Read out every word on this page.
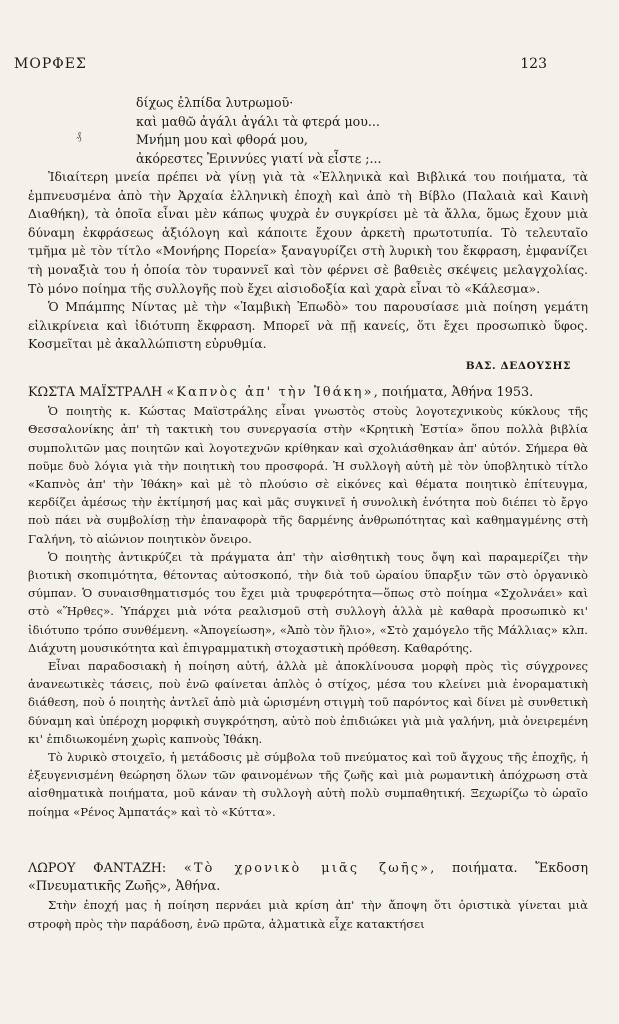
ΜΟΡΦΕΣ	123
δίχως ἐλπίδα λυτρωμοῦ·
καὶ μαθῶ ἀγάλι ἀγάλι τὰ φτερά μου...
Μνήμη μου καὶ φθορά μου,
ἀκόρεστες Ἐριννύες γιατί νὰ εἶστε ;...
₰

Ἰδιαίτερη μνεία πρέπει νὰ γίνῃ γιὰ τὰ «Ἑλληνικὰ καὶ Βιβλικά του ποιήματα, τὰ ἐμπνευσμένα ἀπὸ τὴν Ἀρχαία ἑλληνικὴ ἐποχὴ καὶ ἀπὸ τὴ Βίβλο (Παλαιὰ καὶ Καινὴ Διαθήκη), τὰ ὁποῖα εἶναι μὲν κάπως ψυχρὰ ἐν συγκρίσει μὲ τὰ ἄλλα, ὅμως ἔχουν μιὰ δύναμη ἐκφράσεως ἀξιόλογη καὶ κάποιτε ἔχουν ἀρκετὴ πρωτοτυπία. Τὸ τελευταῖο τμῆμα μὲ τὸν τίτλο «Μονήρης Πορεία» ξαναγυρίζει στὴ λυρικὴ του ἔκφραση, ἐμφανίζει τὴ μοναξιὰ του ἡ ὁποία τὸν τυραννεῖ καὶ τὸν φέρνει σὲ βαθειὲς σκέψεις μελαγχολίας. Τὸ μόνο ποίημα τῆς συλλογῆς ποὺ ἔχει αἰσιοδοξία καὶ χαρὰ εἶναι τὸ «Κάλεσμα».

Ὁ Μπάμπης Νίντας μὲ τὴν «Ἰαμβικὴ Ἐπωδὸ» του παρουσίασε μιὰ ποίηση γεμάτη εἰλικρίνεια καὶ ἰδιότυπη ἔκφραση. Μπορεῖ νὰ πῇ κανείς, ὅτι ἔχει προσωπικὸ ὕφος. Κοσμεῖται μὲ ἀκαλλώπιστη εὐρυθμία.

ΒΑΣ. ΔΕΔΟΥΣΗΣ

ΚΩΣΤΑ ΜΑΪΣΤΡΑΛΗ «Καπνὸς ἀπ' τὴν Ἰθάκη», ποιήματα, Ἀθήνα 1953.

Ὁ ποιητὴς κ. Κώστας Μαϊστράλης εἶναι γνωστὸς στοὺς λογοτεχνικοὺς κύκλους τῆς Θεσσαλονίκης ἀπ' τὴ τακτικὴ του συνεργασία στὴν «Κρητικὴ Ἑστία» ὅπου πολλὰ βιβλία συμπολιτῶν μας ποιητῶν καὶ λογοτεχνῶν κρίθηκαν καὶ σχολιάσθηκαν ἀπ' αὐτόν. Σήμερα θὰ ποῦμε δυὸ λόγια γιὰ τὴν ποιητικὴ του προσφορά. Ἡ συλλογὴ αὐτὴ μὲ τὸν ὑποβλητικὸ τίτλο «Καπνὸς ἀπ' τὴν Ἰθάκη» καὶ μὲ τὸ πλούσιο σὲ εἰκόνες καὶ θέματα ποιητικὸ ἐπίτευγμα, κερδίζει ἀμέσως τὴν ἐκτίμησή μας καὶ μᾶς συγκινεῖ ἡ συνολικὴ ἑνότητα ποὺ διέπει τὸ ἔργο ποὺ πάει νὰ συμβολίσῃ τὴν ἐπαναφορὰ τῆς δαρμένης ἀνθρωπότητας καὶ καθημαγμένης στὴ Γαλήνη, τὸ αἰώνιον ποιητικὸν ὄνειρο.

Ὁ ποιητὴς ἀντικρύζει τὰ πράγματα ἀπ' τὴν αἰσθητικὴ τους ὄψη καὶ παραμερίζει τὴν βιοτικὴ σκοπιμότητα, θέτοντας αὐτοσκοπό, τὴν διὰ τοῦ ὡραίου ὕπαρξιν τῶν στὸ ὀργανικὸ σύμπαν. Ὁ συναισθηματισμός του ἔχει μιὰ τρυφερότητα—ὅπως στὸ ποίημα «Σχολνάει» καὶ στὸ «Ἥρθες». Ὑπάρχει μιὰ νότα ρεαλισμοῦ στὴ συλλογὴ ἀλλὰ μὲ καθαρὰ προσωπικὸ κι' ἰδιότυπο τρόπο συνθέμενη. «Ἀπογείωση», «Ἀπὸ τὸν ἥλιο», «Στὸ χαμόγελο τῆς Μάλλιας» κλπ. Διάχυτη μουσικότητα καὶ ἐπιγραμματικὴ στοχαστικὴ πρόθεση. Καθαρότης.

Εἶναι παραδοσιακὴ ἡ ποίηση αὐτή, ἀλλὰ μὲ ἀποκλίνουσα μορφὴ πρὸς τὶς σύγχρονες ἀνανεωτικὲς τάσεις, ποὺ ἐνῶ φαίνεται ἁπλὸς ὁ στίχος, μέσα του κλείνει μιὰ ἐνοραματικὴ διάθεση, ποὺ ὁ ποιητὴς ἀντλεῖ ἀπὸ μιὰ ὡρισμένη στιγμὴ τοῦ παρόντος καὶ δίνει μὲ συνθετικὴ δύναμη καὶ ὑπέροχη μορφικὴ συγκρότηση, αὐτὸ ποὺ ἐπιδιώκει γιὰ μιὰ γαλήνη, μιὰ ὀνειρεμένη κι' ἐπιδιωκομένη χωρὶς καπνοὺς Ἰθάκη.

Τὸ λυρικὸ στοιχεῖο, ἡ μετάδοσις μὲ σύμβολα τοῦ πνεύματος καὶ τοῦ ἄγχους τῆς ἐποχῆς, ἡ ἐξευγενισμένη θεώρηση ὅλων τῶν φαινομένων τῆς ζωῆς καὶ μιὰ ρωμαντικὴ ἀπόχρωση στὰ αἰσθηματικὰ ποιήματα, μοῦ κάναν τὴ συλλογὴ αὐτὴ πολὺ συμπαθητική. Ξεχωρίζω τὸ ὡραῖο ποίημα «Ρένος Ἀμπατάς» καὶ τὸ «Κύττα».

ΛΩΡΟΥ ΦΑΝΤΑΖΗ: «Τὸ χρονικὸ μιᾶς ζωῆς», ποιήματα. Ἔκδοση «Πνευματικῆς Ζωῆς», Ἀθήνα.

Στὴν ἐποχή μας ἡ ποίηση περνάει μιὰ κρίση ἀπ' τὴν ἄποψη ὅτι ὁριστικὰ γίνεται μιὰ στροφὴ πρὸς τὴν παράδοση, ἐνῶ πρῶτα, ἀλματικὰ εἶχε κατακτήσει
